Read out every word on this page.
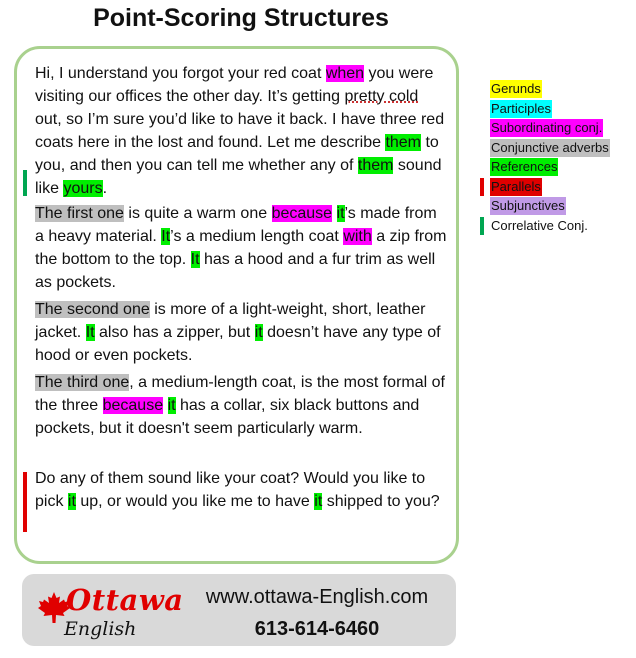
Point-Scoring Structures

Hi, I understand you forgot your red coat when you were visiting our offices the other day. It’s getting pretty cold out, so I’m sure you’d like to have it back. I have three red coats here in the lost and found. Let me describe them to you, and then you can tell me whether any of them sound like yours.

The first one is quite a warm one because it’s made from a heavy material. It’s a medium length coat with a zip from the bottom to the top. It has a hood and a fur trim as well as pockets.

The second one is more of a light-weight, short, leather jacket. It also has a zipper, but it doesn’t have any type of hood or even pockets.

The third one, a medium-length coat, is the most formal of the three because it has a collar, six black buttons and pockets, but it doesn't seem particularly warm.

Do any of them sound like your coat? Would you like to pick it up, or would you like me to have it shipped to you?

Gerunds
Participles
Subordinating conj.
Conjunctive adverbs
References
Parallels
Subjunctives
Correlative Conj.
Ottawa
English
www.ottawa-English.com
613-614-6460
